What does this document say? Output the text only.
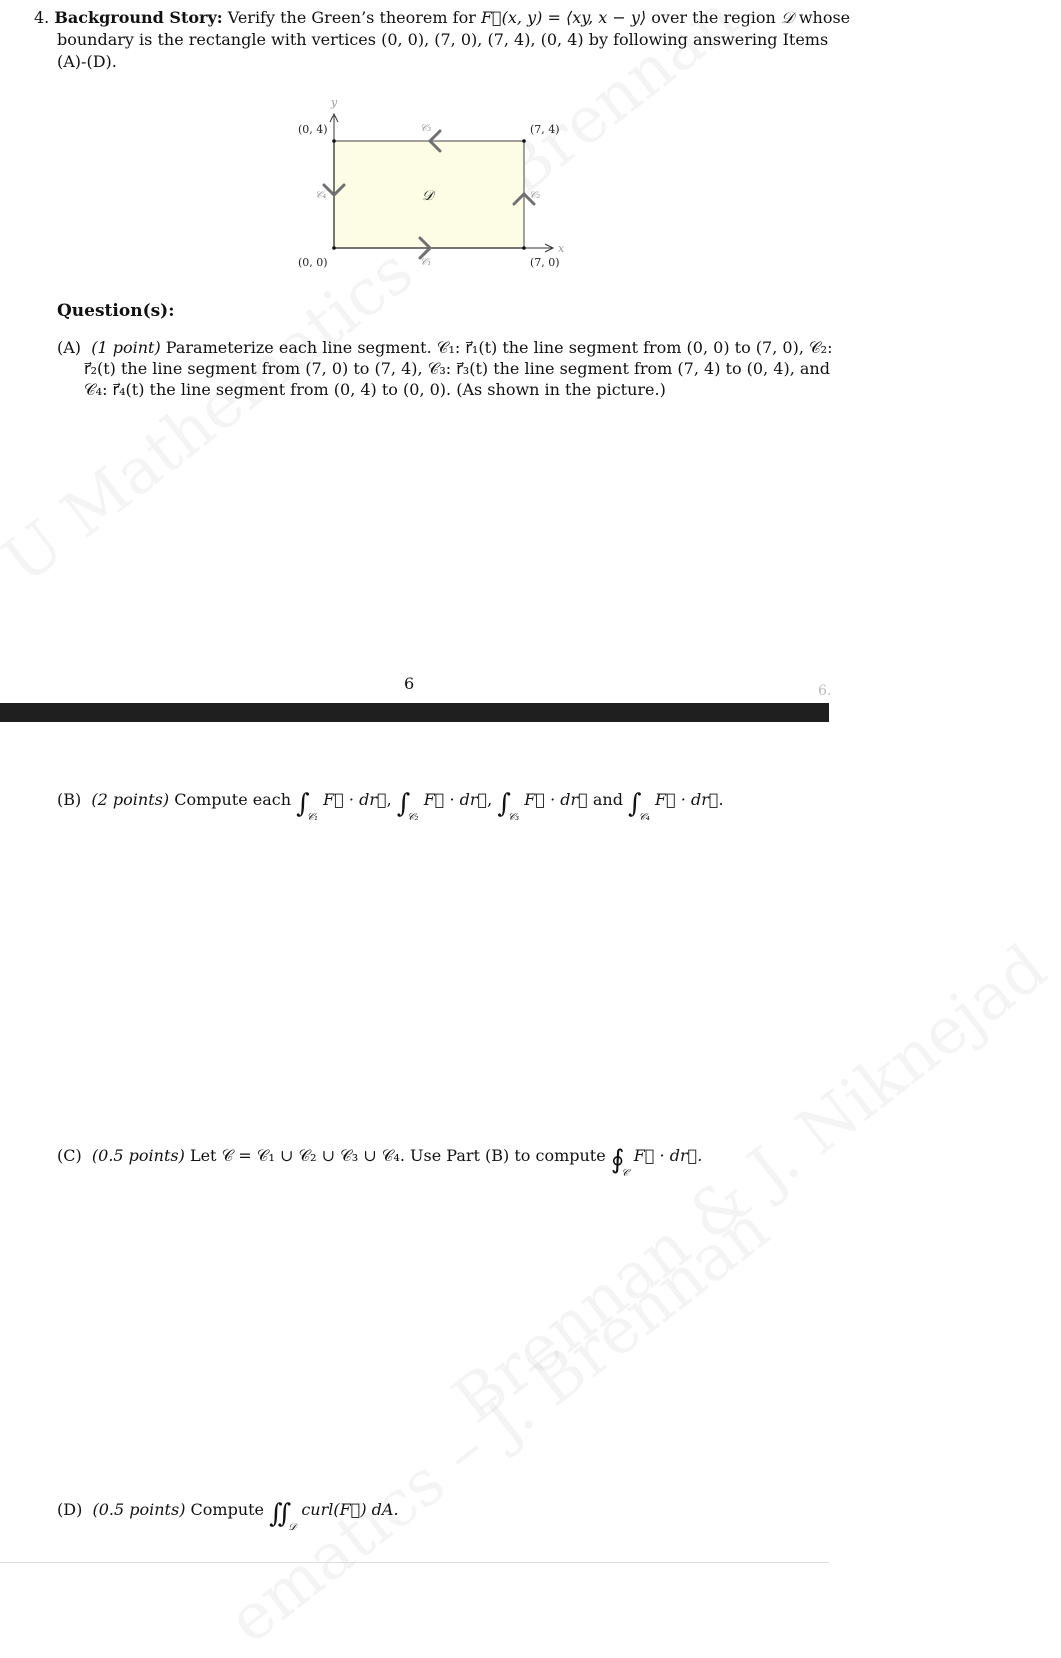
4. Background Story: Verify the Green’s theorem for F⃗(x, y) = ⟨xy, x − y⟩ over the region 𝒟 whose
boundary is the rectangle with vertices (0, 0), (7, 0), (7, 4), (0, 4) by following answering Items
(A)-(D).
y
x
(0, 4)	(7, 4)
(0, 0)	(7, 0)
𝒟
𝒞₁
𝒞₂
𝒞₃
𝒞₄
Question(s):
(A) (1 point) Parameterize each line segment. 𝒞₁: r⃗₁(t) the line segment from (0, 0) to (7, 0), 𝒞₂:
r⃗₂(t) the line segment from (7, 0) to (7, 4), 𝒞₃: r⃗₃(t) the line segment from (7, 4) to (0, 4), and
𝒞₄: r⃗₄(t) the line segment from (0, 4) to (0, 0). (As shown in the picture.)
6	6.
(B) (2 points) Compute each $\int_{𝒞_1}$ F⃗ · dr⃗, $\int_{𝒞_2}$ F⃗ · dr⃗, $\int_{𝒞_3}$ F⃗ · dr⃗ and $\int_{𝒞_4}$ F⃗ · dr⃗.
(C) (0.5 points) Let 𝒞 = 𝒞₁ ∪ 𝒞₂ ∪ 𝒞₃ ∪ 𝒞₄. Use Part (B) to compute $∮_𝒞$ F⃗ · dr⃗.
(D) (0.5 points) Compute $∬_𝒟$ curl(F⃗) dA.
